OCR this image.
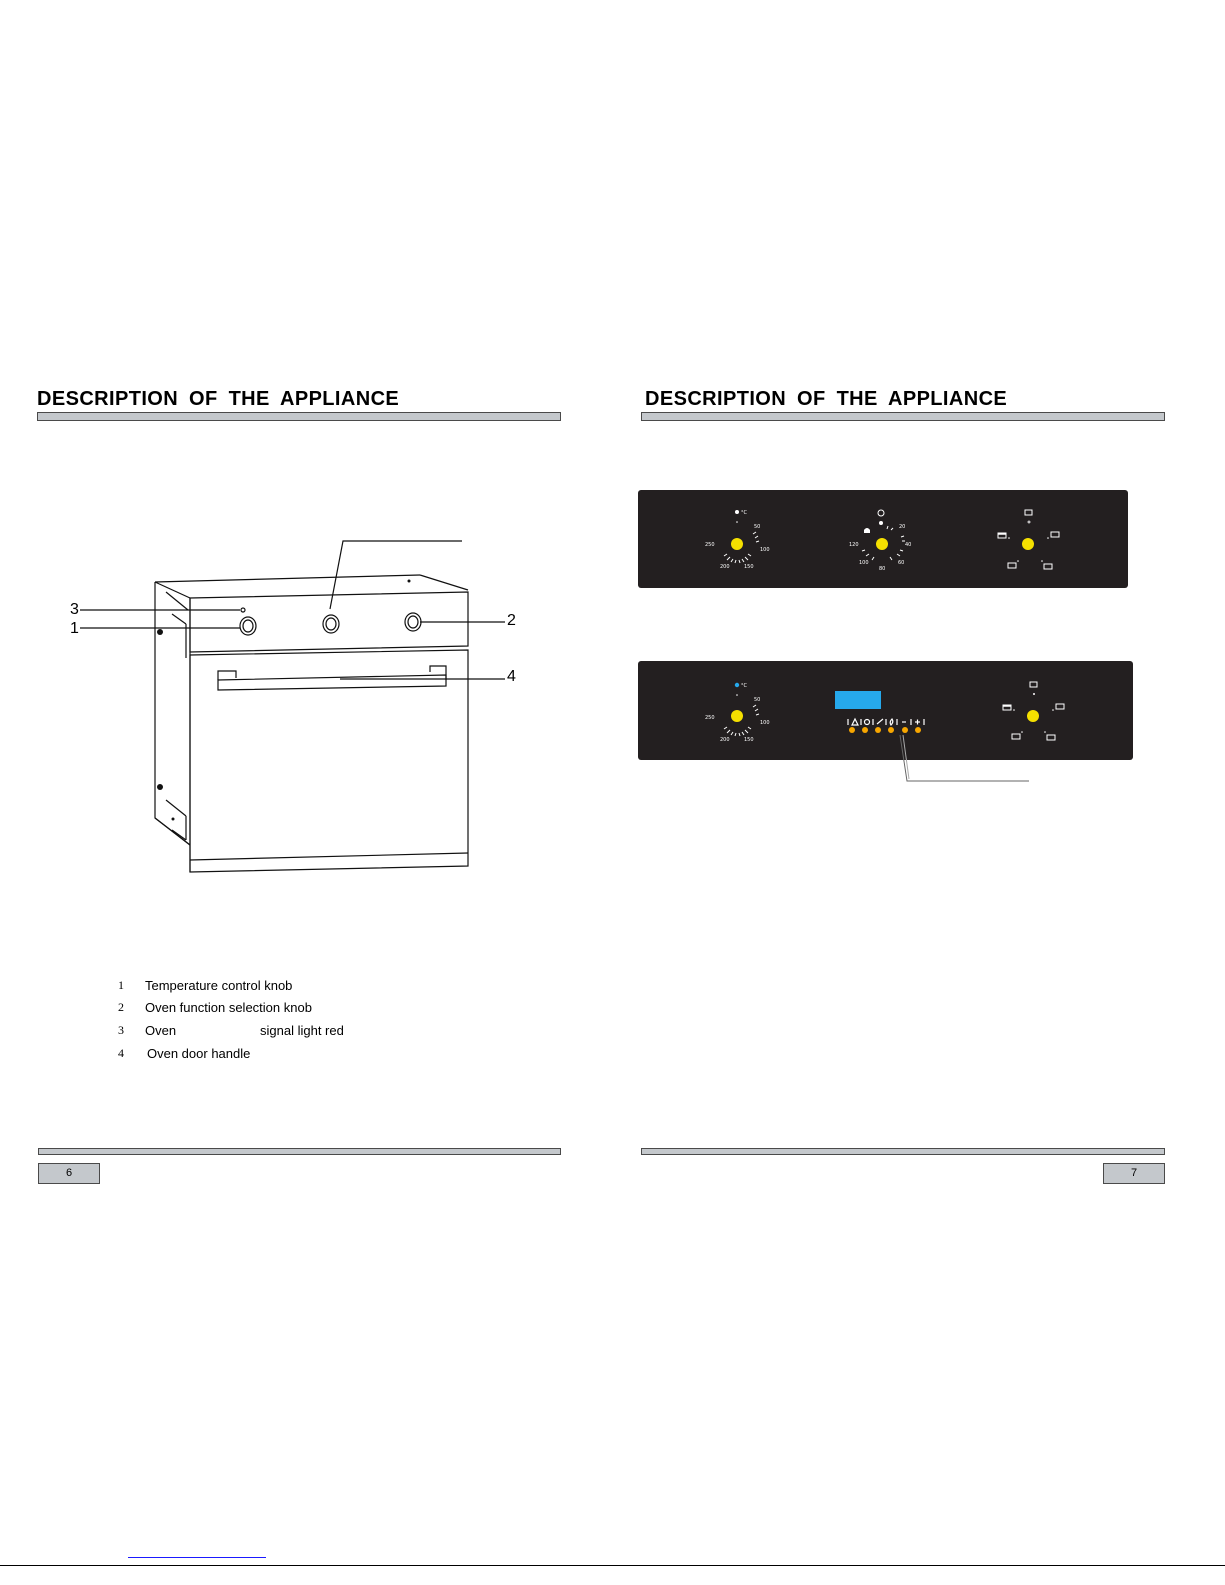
DESCRIPTION OF THE APPLIANCE
3
1	2
4
1 Temperature control knob
2 Oven function selection knob
3 Oven	signal light red
4 Oven door handle
6
DESCRIPTION OF THE APPLIANCE
°C
250
50
100
200	150
20
120	40
100	60
80
°C
250
50
100
200	150
7
